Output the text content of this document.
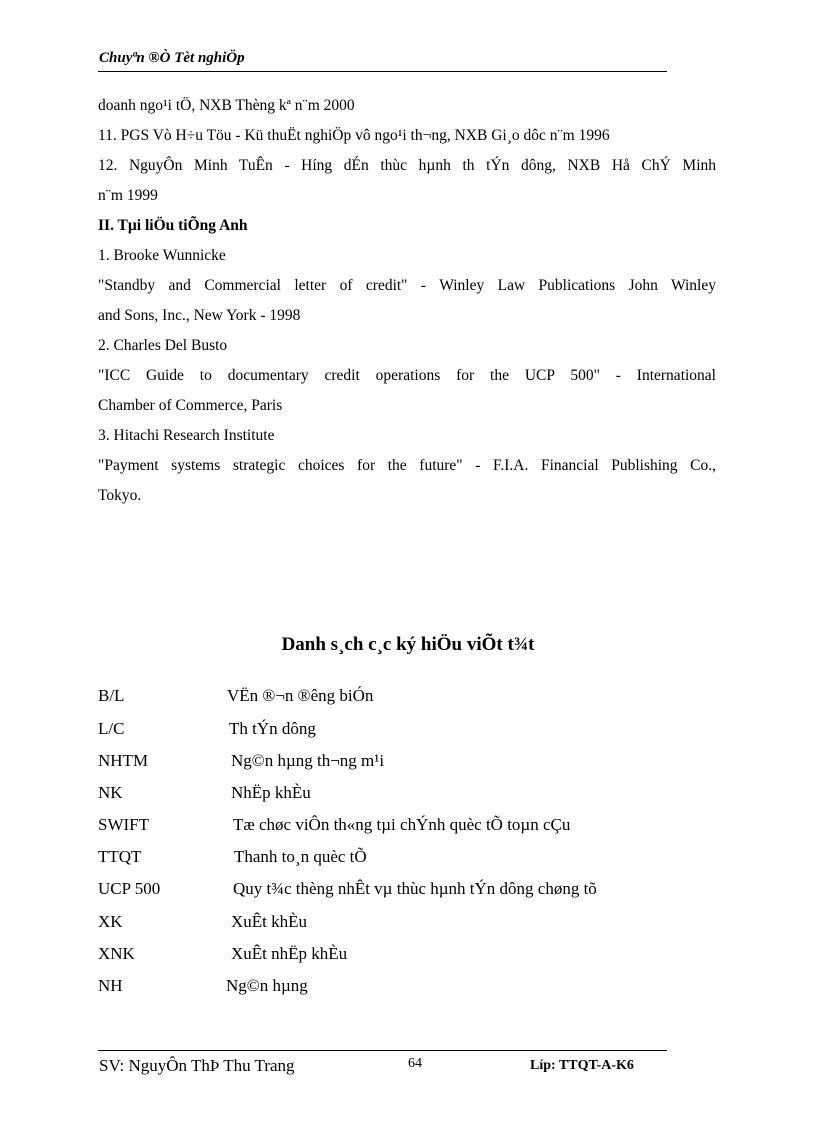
Chuyªn ®Ò Tèt nghiÖp
doanh ngo¹i tÖ, NXB Thèng kª n¨m 2000
11. PGS Vò H÷u Töu - Kü thuËt nghiÖp vô ngo¹i th¬ng, NXB Gi¸o dôc n¨m 1996
12. NguyÔn Minh TuÊn - Híng dÉn thùc hµnh th tÝn dông, NXB Hå ChÝ Minh
n¨m 1999
II. Tµi liÖu tiÕng Anh
1. Brooke Wunnicke
"Standby and Commercial letter of credit" - Winley Law Publications John Winley
and Sons, Inc., New York - 1998
2. Charles Del Busto
"ICC Guide to documentary credit operations for the UCP 500" - International
Chamber of Commerce, Paris
3. Hitachi Research Institute
"Payment systems strategic choices for the future" - F.I.A. Financial Publishing Co.,
Tokyo.
Danh s¸ch c¸c ký hiÖu viÕt t¾t
B/L	VËn ®¬n ®êng biÓn
L/C	Th tÝn dông
NHTM	Ng©n hµng th¬ng m¹i
NK	NhËp khÈu
SWIFT	Tæ chøc viÔn th«ng tµi chÝnh quèc tÕ toµn cÇu
TTQT	Thanh to¸n quèc tÕ
UCP 500	Quy t¾c thèng nhÊt vµ thùc hµnh tÝn dông chøng tõ
XK	XuÊt khÈu
XNK	XuÊt nhËp khÈu
NH	Ng©n hµng
SV: NguyÔn ThÞ Thu Trang	64	Líp: TTQT-A-K6
